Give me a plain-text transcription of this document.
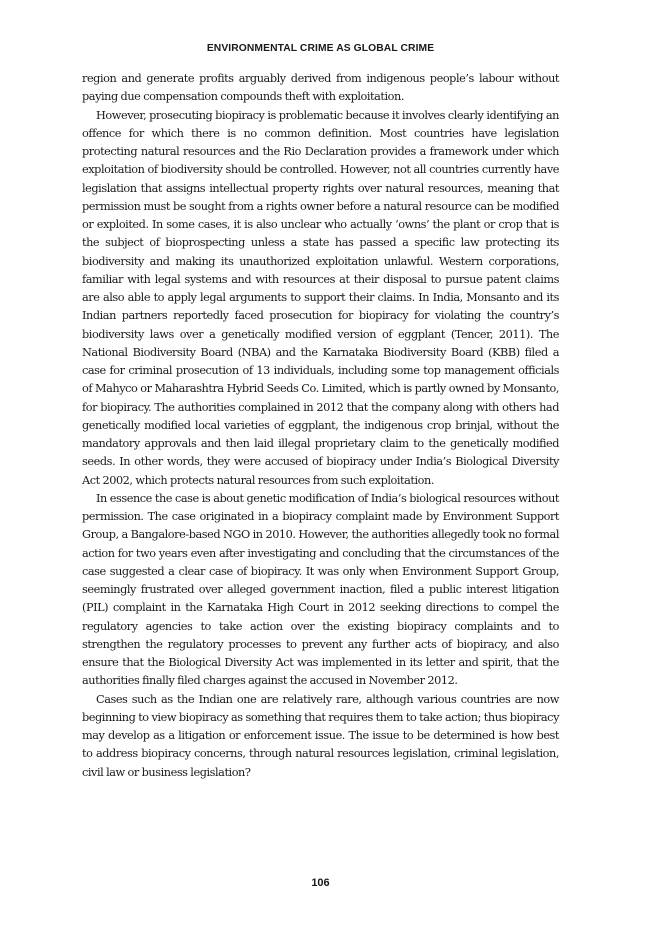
ENVIRONMENTAL CRIME AS GLOBAL CRIME

region and generate profits arguably derived from indigenous people’s labour without paying due compensation compounds theft with exploitation.

However, prosecuting biopiracy is problematic because it involves clearly identifying an offence for which there is no common definition. Most countries have legislation protecting natural resources and the Rio Declaration provides a framework under which exploitation of biodiversity should be controlled. However, not all countries currently have legislation that assigns intellectual property rights over natural resources, meaning that permission must be sought from a rights owner before a natural resource can be modified or exploited. In some cases, it is also unclear who actually ‘owns’ the plant or crop that is the subject of bioprospecting unless a state has passed a specific law protecting its biodiversity and making its unauthorized exploitation unlawful. Western corporations, familiar with legal systems and with resources at their disposal to pursue patent claims are also able to apply legal arguments to support their claims. In India, Monsanto and its Indian partners reportedly faced prosecution for biopiracy for violating the country’s biodiversity laws over a genetically modified version of eggplant (Tencer, 2011). The National Biodiversity Board (NBA) and the Karnataka Biodiversity Board (KBB) filed a case for criminal prosecution of 13 individuals, including some top management officials of Mahyco or Maharashtra Hybrid Seeds Co. Limited, which is partly owned by Monsanto, for biopiracy. The authorities complained in 2012 that the company along with others had genetically modified local varieties of eggplant, the indigenous crop brinjal, without the mandatory approvals and then laid illegal proprietary claim to the genetically modified seeds. In other words, they were accused of biopiracy under India’s Biological Diversity Act 2002, which protects natural resources from such exploitation.

In essence the case is about genetic modification of India’s biological resources without permission. The case originated in a biopiracy complaint made by Environment Support Group, a Bangalore-based NGO in 2010. However, the authorities allegedly took no formal action for two years even after investigating and concluding that the circumstances of the case suggested a clear case of biopiracy. It was only when Environment Support Group, seemingly frustrated over alleged government inaction, filed a public interest litigation (PIL) complaint in the Karnataka High Court in 2012 seeking directions to compel the regulatory agencies to take action over the existing biopiracy complaints and to strengthen the regulatory processes to prevent any further acts of biopiracy, and also ensure that the Biological Diversity Act was implemented in its letter and spirit, that the authorities finally filed charges against the accused in November 2012.

Cases such as the Indian one are relatively rare, although various countries are now beginning to view biopiracy as something that requires them to take action; thus biopiracy may develop as a litigation or enforcement issue. The issue to be determined is how best to address biopiracy concerns, through natural resources legislation, criminal legislation, civil law or business legislation?

106
